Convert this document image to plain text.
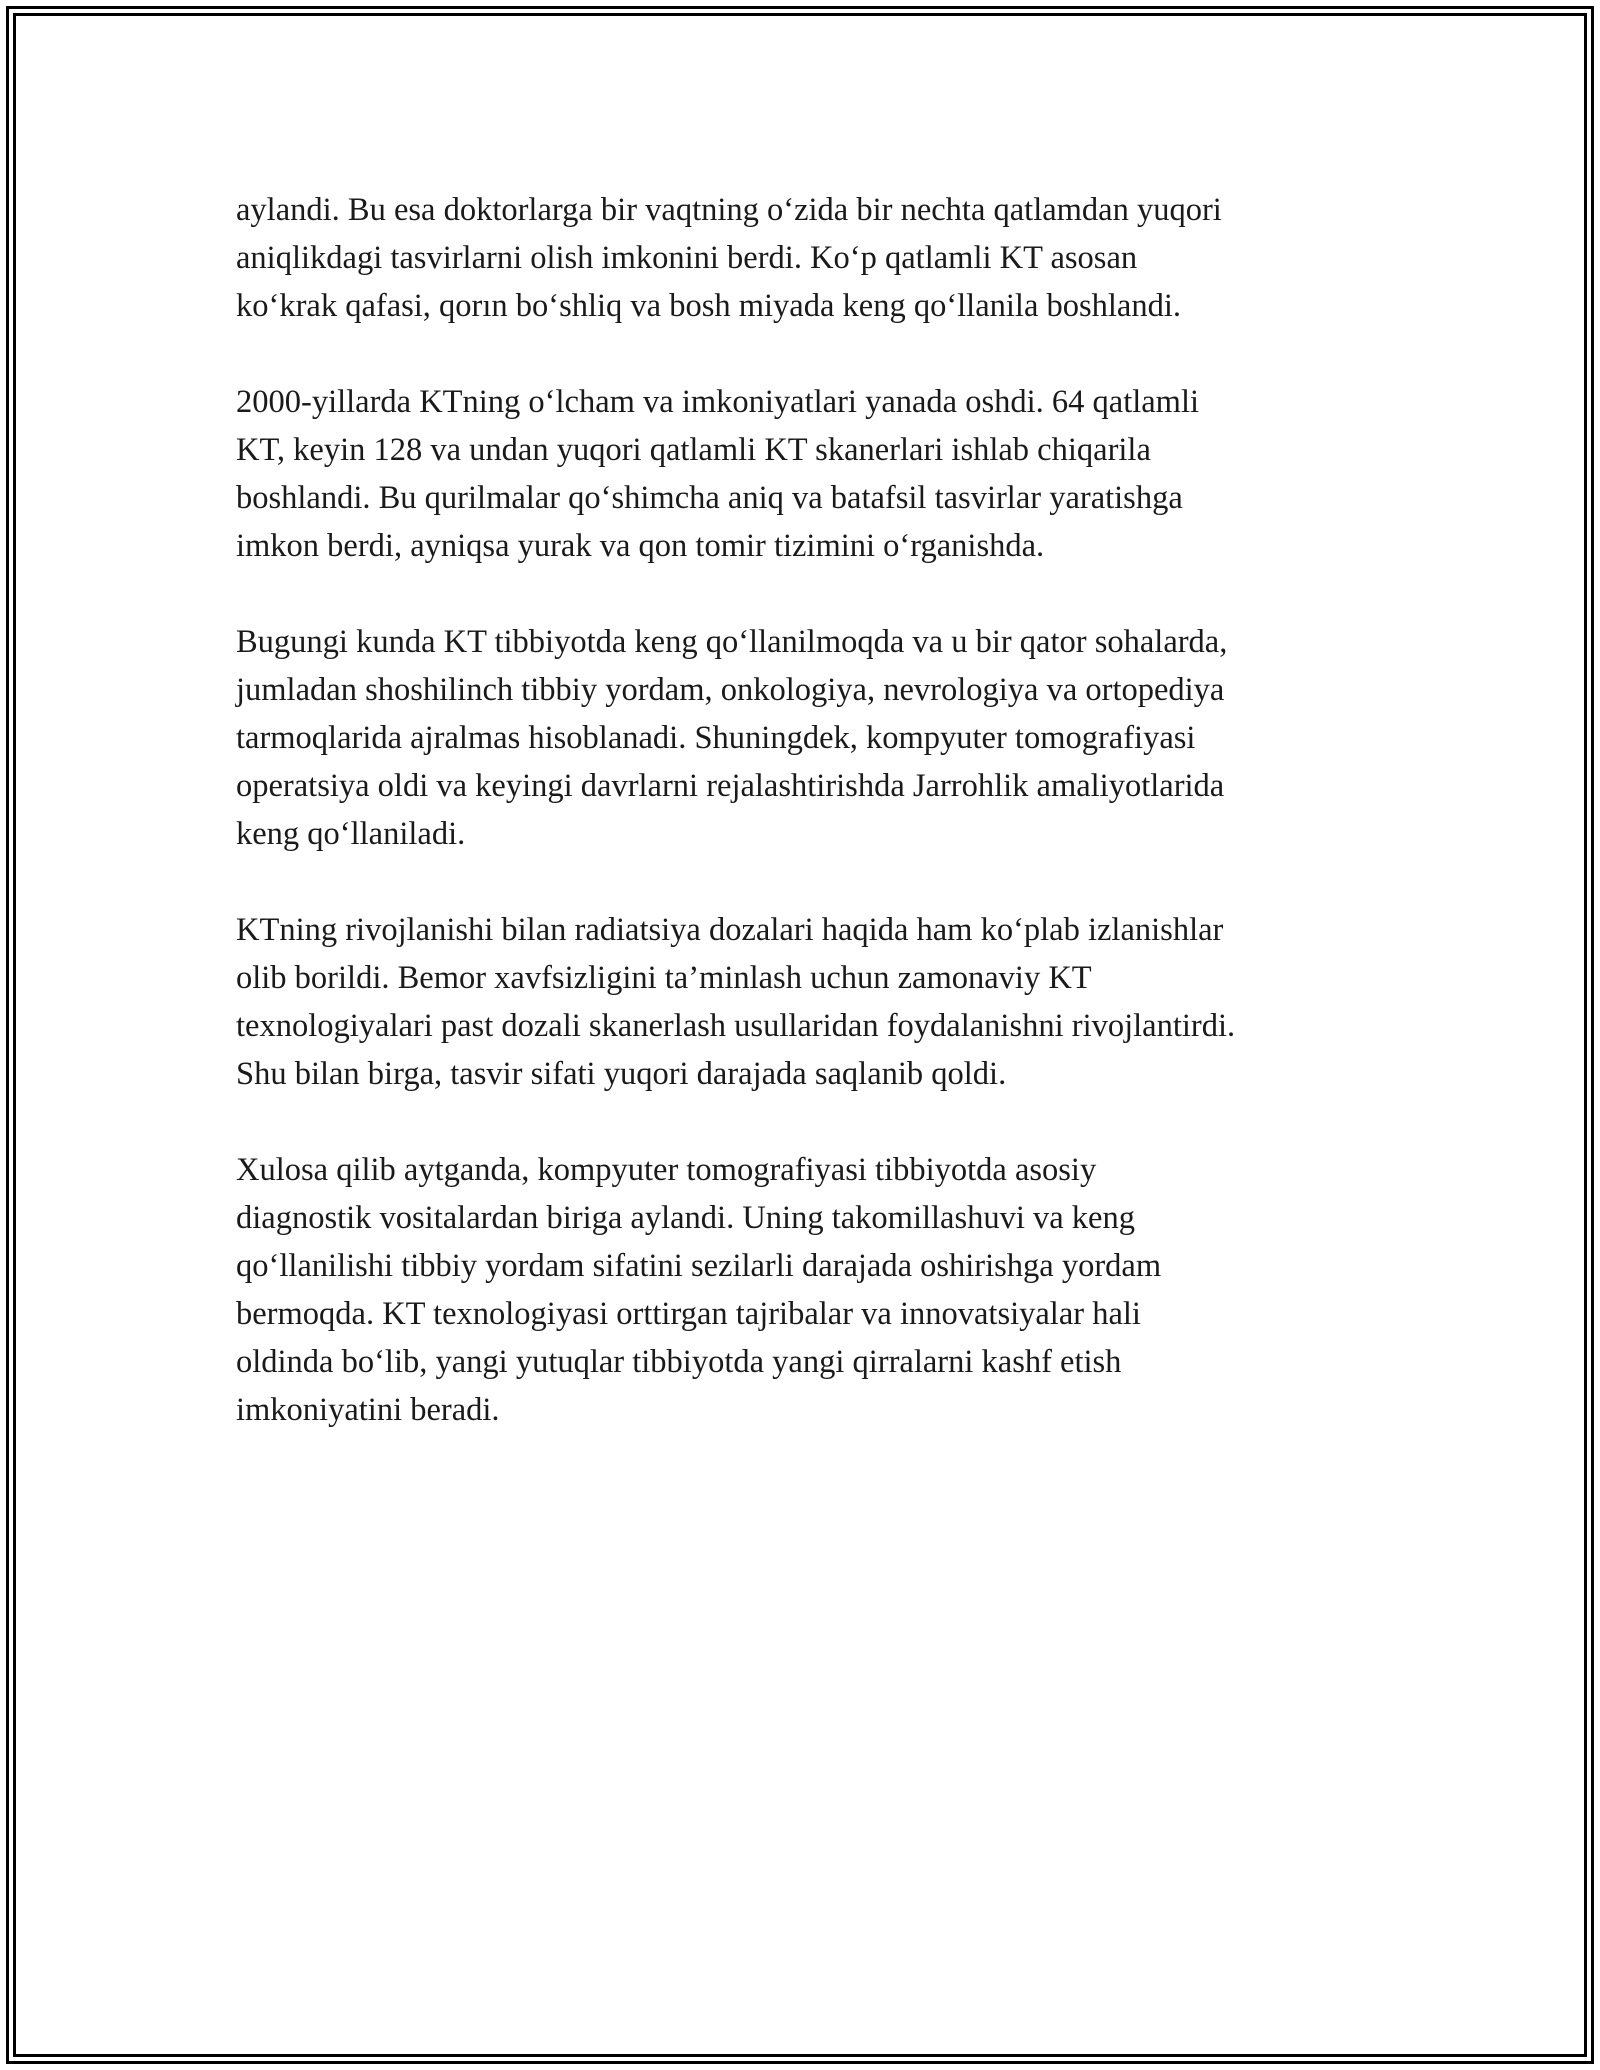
aylandi. Bu esa doktorlarga bir vaqtning o‘zida bir nechta qatlamdan yuqori
aniqlikdagi tasvirlarni olish imkonini berdi. Ko‘p qatlamli KT asosan
ko‘krak qafasi, qorın bo‘shliq va bosh miyada keng qo‘llanila boshlandi.

2000-yillarda KTning o‘lcham va imkoniyatlari yanada oshdi. 64 qatlamli
KT, keyin 128 va undan yuqori qatlamli KT skanerlari ishlab chiqarila
boshlandi. Bu qurilmalar qo‘shimcha aniq va batafsil tasvirlar yaratishga
imkon berdi, ayniqsa yurak va qon tomir tizimini o‘rganishda.

Bugungi kunda KT tibbiyotda keng qo‘llanilmoqda va u bir qator sohalarda,
jumladan shoshilinch tibbiy yordam, onkologiya, nevrologiya va ortopediya
tarmoqlarida ajralmas hisoblanadi. Shuningdek, kompyuter tomografiyasi
operatsiya oldi va keyingi davrlarni rejalashtirishda Jarrohlik amaliyotlarida
keng qo‘llaniladi.

KTning rivojlanishi bilan radiatsiya dozalari haqida ham ko‘plab izlanishlar
olib borildi. Bemor xavfsizligini ta’minlash uchun zamonaviy KT
texnologiyalari past dozali skanerlash usullaridan foydalanishni rivojlantirdi.
Shu bilan birga, tasvir sifati yuqori darajada saqlanib qoldi.

Xulosa qilib aytganda, kompyuter tomografiyasi tibbiyotda asosiy
diagnostik vositalardan biriga aylandi. Uning takomillashuvi va keng
qo‘llanilishi tibbiy yordam sifatini sezilarli darajada oshirishga yordam
bermoqda. KT texnologiyasi orttirgan tajribalar va innovatsiyalar hali
oldinda bo‘lib, yangi yutuqlar tibbiyotda yangi qirralarni kashf etish
imkoniyatini beradi.
